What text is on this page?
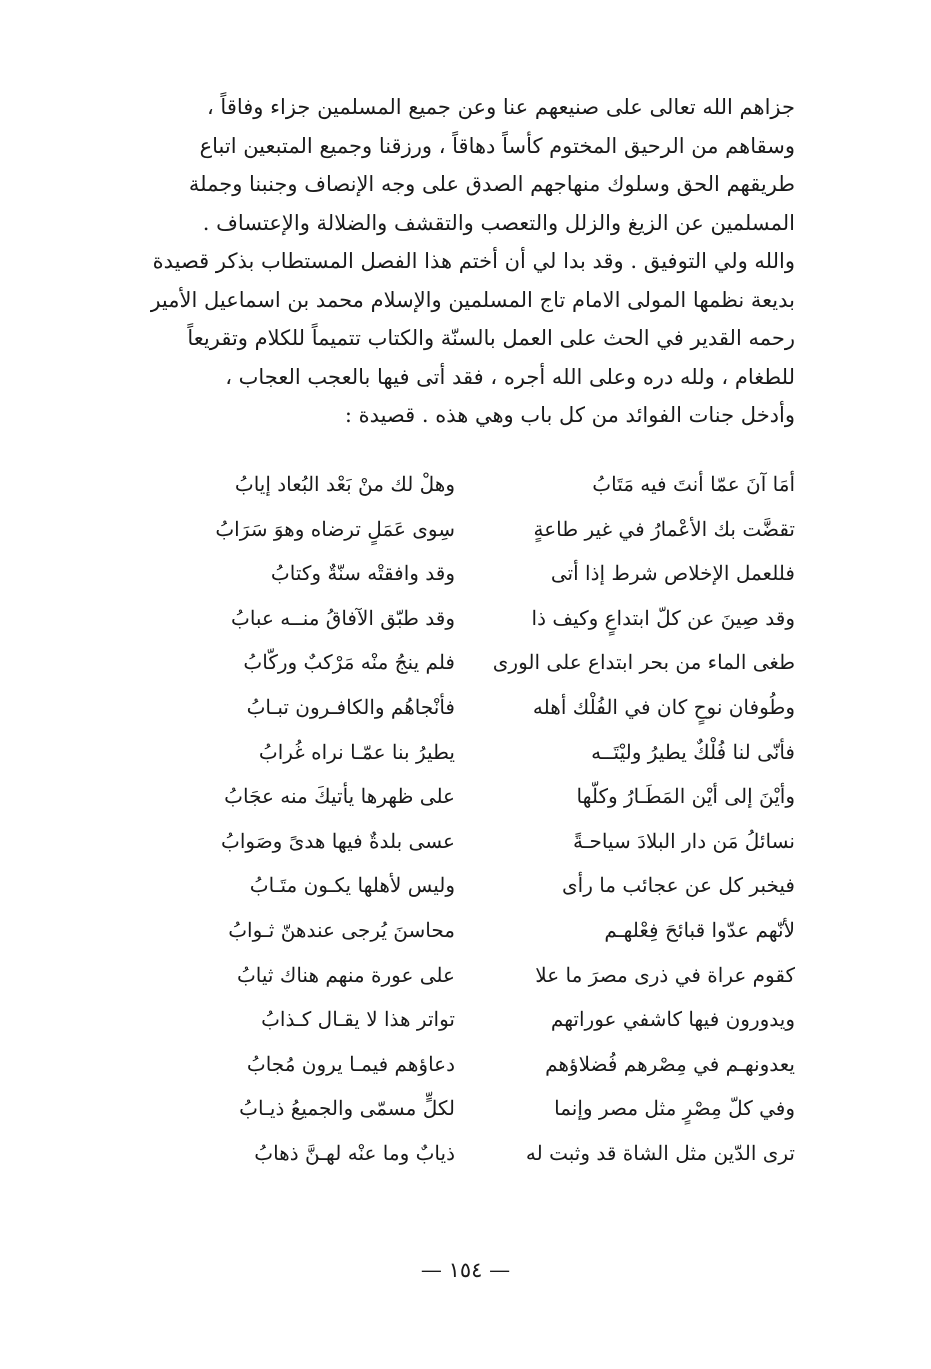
جزاهم الله تعالى على صنيعهم عنا وعن جميع المسلمين جزاء وفاقاً ،
وسقاهم من الرحيق المختوم كأساً دهاقاً ، ورزقنا وجميع المتبعين اتباع
طريقهم الحق وسلوك منهاجهم الصدق على وجه الإنصاف وجنبنا وجملة
المسلمين عن الزيغ والزلل والتعصب والتقشف والضلالة والإعتساف .
والله ولي التوفيق . وقد بدا لي أن أختم هذا الفصل المستطاب بذكر قصيدة
بديعة نظمها المولى الامام تاج المسلمين والإسلام محمد بن اسماعيل الأمير
رحمه القدير في الحث على العمل بالسنّة والكتاب تتميماً للكلام وتقريعاً
للطغام ، ولله دره وعلى الله أجره ، فقد أتى فيها بالعجب العجاب ،
وأدخل جنات الفوائد من كل باب وهي هذه . قصيدة :
أمَا آنَ عمّا أنتَ فيه مَتَابُ
وهلْ لك منْ بَعْد البُعاد إيابُ
تقضَّت بك الأعْمارُ في غير طاعةٍ
سِوى عَمَلٍ ترضاه وهوَ سَرَابُ
فللعمل الإخلاص شرط إذا أتى
وقد وافقتْه سنّةٌ وكتابُ
وقد صِينَ عن كلّ ابتداعٍ وكيف ذا
وقد طبّق الآفاقُ منــه عبابُ
طغى الماء من بحر ابتداع على الورى
فلم ينجُ منْه مَرْكبٌ وركّابُ
وطُوفان نوحٍ كان في الفُلْك أهله
فأنْجاهُم والكافـرون تبـابُ
فأنّى لنا فُلْكٌ يطيرُ وليْتَــه
يطيرُ بنا عمّـا نراه غُرابُ
وأيْنَ إلى أيْن المَطَـارُ وكلّها
على ظهرها يأتيكَ منه عجَابُ
نسائلُ مَن دار البلادَ سياحـةً
عسى بلدةٌ فيها هدىً وصَوابُ
فيخبر كل عن عجائب ما رأى
وليس لأهلها يكـون متَـابُ
لأنّهم عدّوا قبائحَ فِعْلهـم
محاسنَ يُرجى عندهنّ ثـوابُ
كقوم عراة في ذرى مصرَ ما علا
على عورة منهم هناك ثيابُ
ويدورون فيها كاشفي عوراتهم
تواتر هذا لا يقـال كـذابُ
يعدونهـم في مِصْرهم فُضلاؤهم
دعاؤهم فيمـا يرون مُجابُ
وفي كلّ مِصْرٍ مثل مصر وإنما
لكلٍّ مسمّى والجميعُ ذيـابُ
ترى الدّين مثل الشاة قد وثبت له
ذيابٌ وما عنْه لهـنَّ ذهابُ
— ١٥٤ —
